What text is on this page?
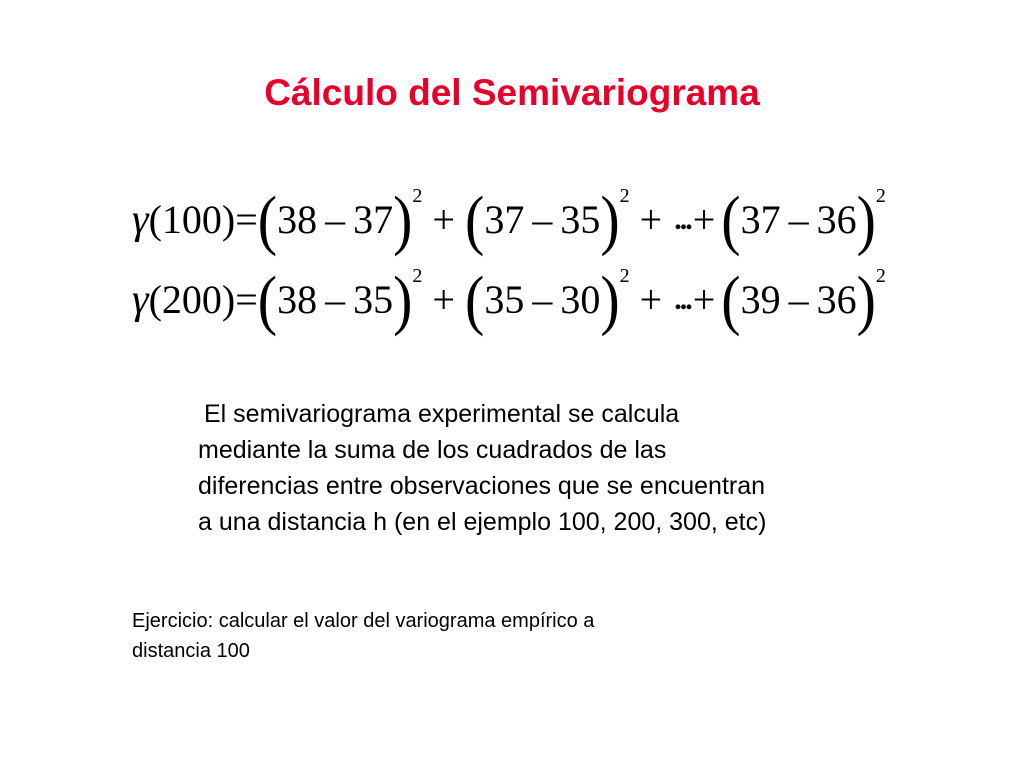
Cálculo del Semivariograma
γ(100)=(38 – 37)2+ (37 – 35)2+ ...+ (37 – 36)2
γ(200)=(38 – 35)2+ (35 – 30)2+ ...+ (39 – 36)2
El semivariograma experimental se calcula
mediante la suma de los cuadrados de las
diferencias entre observaciones que se encuentran
a una distancia h (en el ejemplo 100, 200, 300, etc)
Ejercicio: calcular el valor del variograma empírico a
distancia 100
